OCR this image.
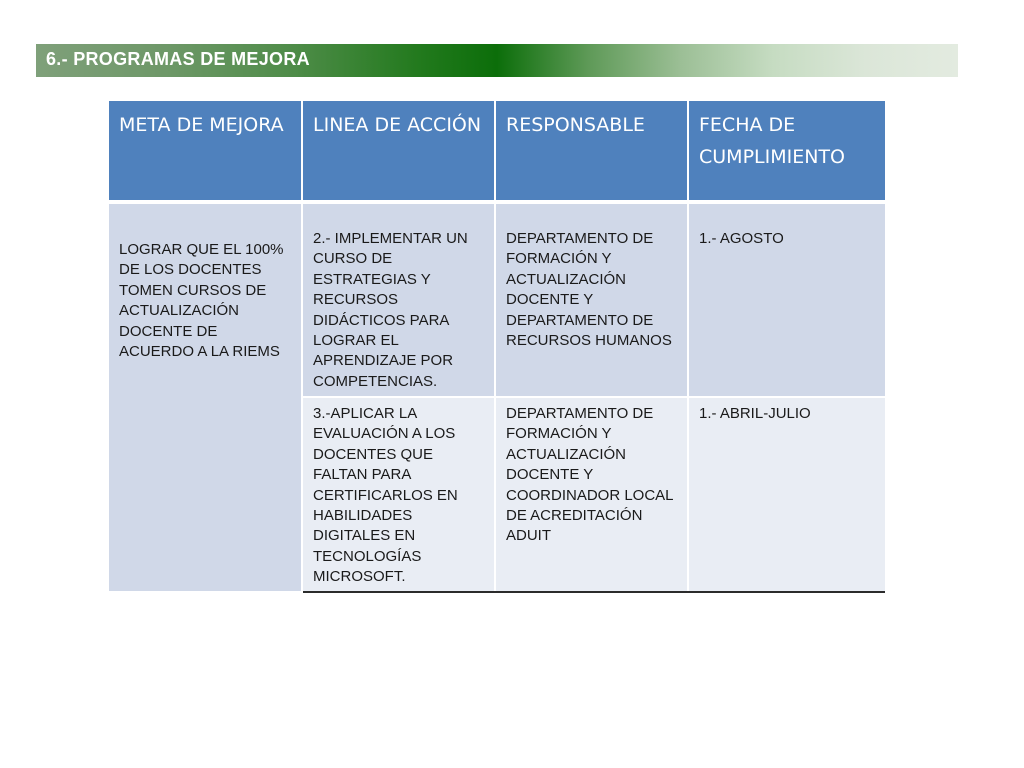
6.- PROGRAMAS DE MEJORA
META DE MEJORA	LINEA DE ACCIÓN	RESPONSABLE	FECHA DE CUMPLIMIENTO

LOGRAR QUE EL 100% DE LOS DOCENTES TOMEN CURSOS DE ACTUALIZACIÓN DOCENTE DE ACUERDO A LA RIEMS	2.- IMPLEMENTAR UN CURSO DE ESTRATEGIAS Y RECURSOS DIDÁCTICOS PARA LOGRAR EL APRENDIZAJE POR COMPETENCIAS.	DEPARTAMENTO DE FORMACIÓN Y ACTUALIZACIÓN DOCENTE Y DEPARTAMENTO DE RECURSOS HUMANOS	1.- AGOSTO

	3.-APLICAR LA EVALUACIÓN A LOS DOCENTES QUE FALTAN PARA CERTIFICARLOS EN HABILIDADES DIGITALES EN TECNOLOGÍAS MICROSOFT.	DEPARTAMENTO DE FORMACIÓN Y ACTUALIZACIÓN DOCENTE Y COORDINADOR LOCAL DE ACREDITACIÓN ADUIT	1.- ABRIL-JULIO
